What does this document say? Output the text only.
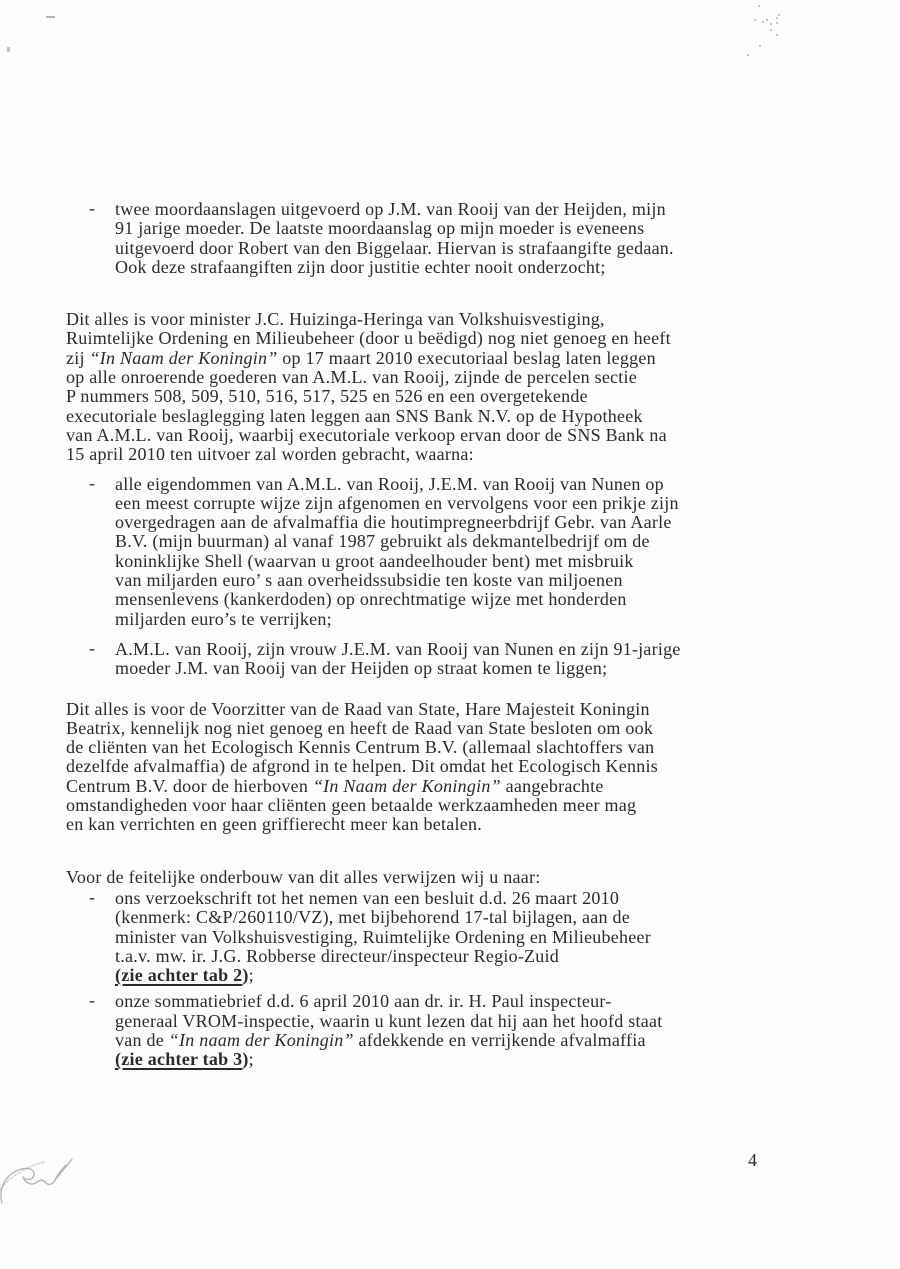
- twee moordaanslagen uitgevoerd op J.M. van Rooij van der Heijden, mijn
91 jarige moeder. De laatste moordaanslag op mijn moeder is eveneens
uitgevoerd door Robert van den Biggelaar. Hiervan is strafaangifte gedaan.
Ook deze strafaangiften zijn door justitie echter nooit onderzocht;
Dit alles is voor minister J.C. Huizinga-Heringa van Volkshuisvestiging,
Ruimtelijke Ordening en Milieubeheer (door u beëdigd) nog niet genoeg en heeft
zij “In Naam der Koningin” op 17 maart 2010 executoriaal beslag laten leggen
op alle onroerende goederen van A.M.L. van Rooij, zijnde de percelen sectie
P nummers 508, 509, 510, 516, 517, 525 en 526 en een overgetekende
executoriale beslaglegging laten leggen aan SNS Bank N.V. op de Hypotheek
van A.M.L. van Rooij, waarbij executoriale verkoop ervan door de SNS Bank na
15 april 2010 ten uitvoer zal worden gebracht, waarna:
- alle eigendommen van A.M.L. van Rooij, J.E.M. van Rooij van Nunen op
een meest corrupte wijze zijn afgenomen en vervolgens voor een prikje zijn
overgedragen aan de afvalmaffia die houtimpregneerbdrijf Gebr. van Aarle
B.V. (mijn buurman) al vanaf 1987 gebruikt als dekmantelbedrijf om de
koninklijke Shell (waarvan u groot aandeelhouder bent) met misbruik
van miljarden euro’ s aan overheidssubsidie ten koste van miljoenen
mensenlevens (kankerdoden) op onrechtmatige wijze met honderden
miljarden euro’s te verrijken;
- A.M.L. van Rooij, zijn vrouw J.E.M. van Rooij van Nunen en zijn 91-jarige
moeder J.M. van Rooij van der Heijden op straat komen te liggen;
Dit alles is voor de Voorzitter van de Raad van State, Hare Majesteit Koningin
Beatrix, kennelijk nog niet genoeg en heeft de Raad van State besloten om ook
de cliënten van het Ecologisch Kennis Centrum B.V. (allemaal slachtoffers van
dezelfde afvalmaffia) de afgrond in te helpen. Dit omdat het Ecologisch Kennis
Centrum B.V. door de hierboven “In Naam der Koningin” aangebrachte
omstandigheden voor haar cliënten geen betaalde werkzaamheden meer mag
en kan verrichten en geen griffierecht meer kan betalen.
Voor de feitelijke onderbouw van dit alles verwijzen wij u naar:
- ons verzoekschrift tot het nemen van een besluit d.d. 26 maart 2010
(kenmerk: C&P/260110/VZ), met bijbehorend 17-tal bijlagen, aan de
minister van Volkshuisvestiging, Ruimtelijke Ordening en Milieubeheer
t.a.v. mw. ir. J.G. Robberse directeur/inspecteur Regio-Zuid
(zie achter tab 2);
- onze sommatiebrief d.d. 6 april 2010 aan dr. ir. H. Paul inspecteur-
generaal VROM-inspectie, waarin u kunt lezen dat hij aan het hoofd staat
van de “In naam der Koningin” afdekkende en verrijkende afvalmaffia
(zie achter tab 3);
4
